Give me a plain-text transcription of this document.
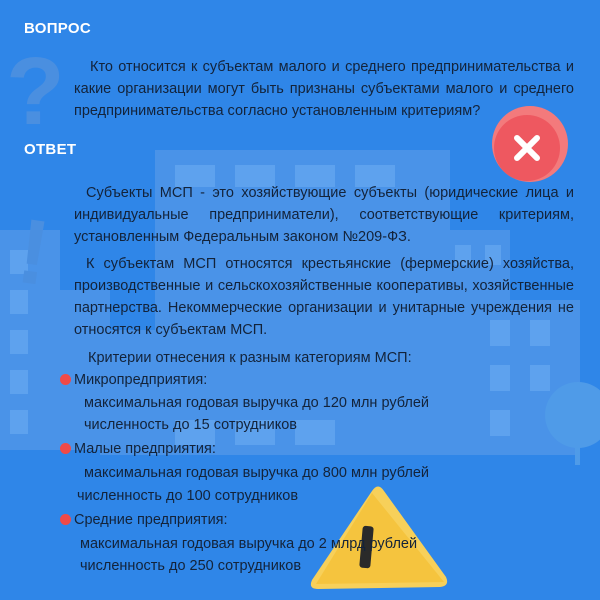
?
!
ВОПРОС
Кто относится к субъектам малого и среднего предпринимательства и какие организации могут быть признаны субъектами малого и среднего предпринимательства согласно установленным критериям?
ОТВЕТ
Субъекты МСП - это хозяйствующие субъекты (юридические лица и индивидуальные предприниматели), соответствующие критериям, установленным Федеральным законом №209-ФЗ.
К субъектам МСП относятся крестьянские (фермерские) хозяйства, производственные и сельскохозяйственные кооперативы, хозяйственные партнерства. Некоммерческие организации и унитарные учреждения не относятся к субъектам МСП.
Критерии отнесения к разным категориям МСП:
Микропредприятия:
максимальная годовая выручка до 120 млн рублей
численность до 15 сотрудников
Малые предприятия:
максимальная годовая выручка до 800 млн рублей
численность до 100 сотрудников
Средние предприятия:
максимальная годовая выручка до 2 млрд рублей
численность до 250 сотрудников
